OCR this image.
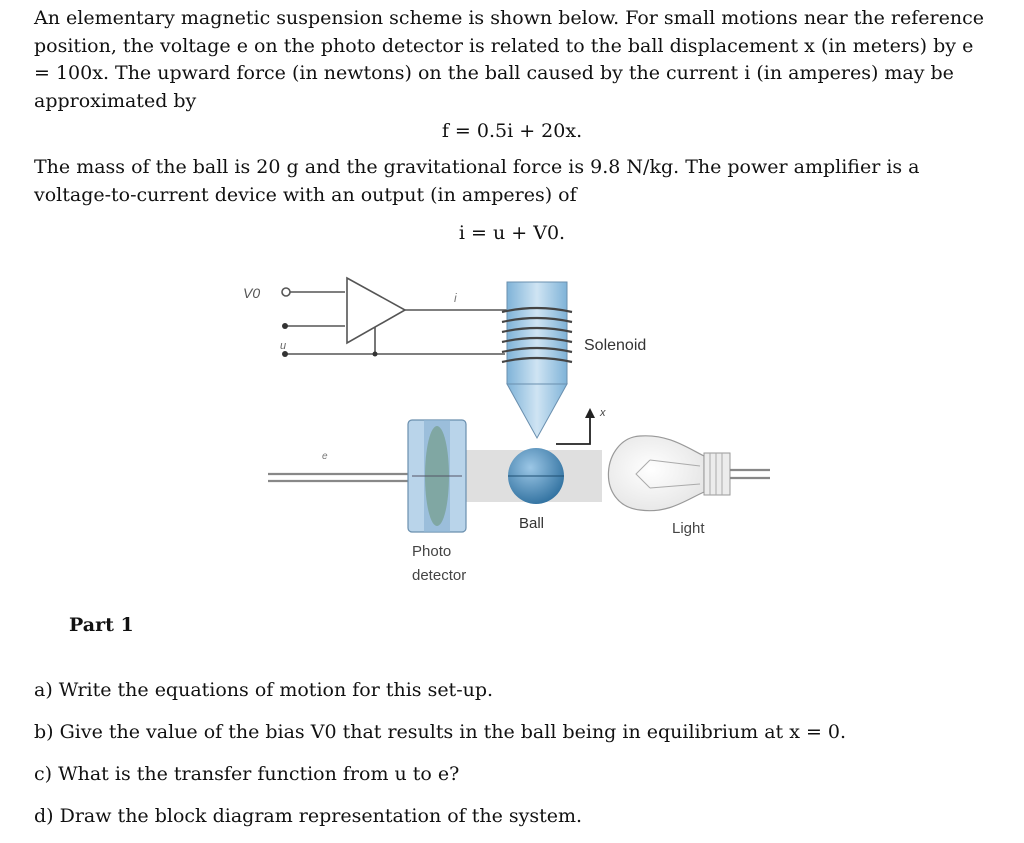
An elementary magnetic suspension scheme is shown below. For small motions near the reference position, the voltage e on the photo detector is related to the ball displacement x (in meters) by e = 100x. The upward force (in newtons) on the ball caused by the current i (in amperes) may be approximated by
f = 0.5i + 20x.
The mass of the ball is 20 g and the gravitational force is 9.8 N/kg. The power amplifier is a voltage-to-current device with an output (in amperes) of
i = u + V0.
V0
u
i
e
Solenoid
Photo
detector
Ball
x
Light
Part 1
a) Write the equations of motion for this set-up.
b) Give the value of the bias V0 that results in the ball being in equilibrium at x = 0.
c) What is the transfer function from u to e?
d) Draw the block diagram representation of the system.
